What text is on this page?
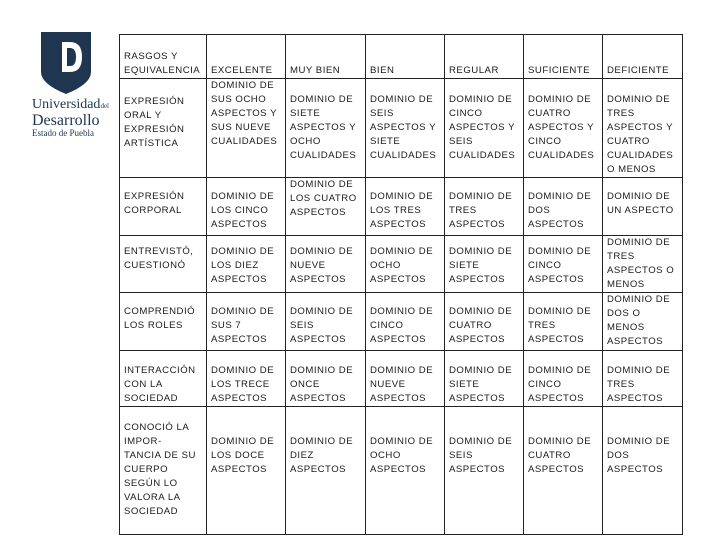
Universidaddel
Desarrollo
Estado de Puebla
RASGOS Y EQUIVALENCIA	EXCELENTE	MUY BIEN	BIEN	REGULAR	SUFICIENTE	DEFICIENTE
EXPRESIÓN ORAL Y EXPRESIÓN ARTÍSTICA	DOMINIO DE SUS OCHO ASPECTOS Y SUS NUEVE CUALIDADES	DOMINIO DE SIETE ASPECTOS Y OCHO CUALIDADES	DOMINIO DE SEIS ASPECTOS Y SIETE CUALIDADES	DOMINIO DE CINCO ASPECTOS Y SEIS CUALIDADES	DOMINIO DE CUATRO ASPECTOS Y CINCO CUALIDADES	DOMINIO DE TRES ASPECTOS Y CUATRO CUALIDADES O MENOS
EXPRESIÓN CORPORAL	DOMINIO DE LOS CINCO ASPECTOS	DOMINIO DE LOS CUATRO ASPECTOS	DOMINIO DE LOS TRES ASPECTOS	DOMINIO DE TRES ASPECTOS	DOMINIO DE DOS ASPECTOS	DOMINIO DE UN ASPECTO
ENTREVISTÓ, CUESTIONÓ	DOMINIO DE LOS DIEZ ASPECTOS	DOMINIO DE NUEVE ASPECTOS	DOMINIO DE OCHO ASPECTOS	DOMINIO DE SIETE ASPECTOS	DOMINIO DE CINCO ASPECTOS	DOMINIO DE TRES ASPECTOS O MENOS
COMPRENDIÓ LOS ROLES	DOMINIO DE SUS 7 ASPECTOS	DOMINIO DE SEIS ASPECTOS	DOMINIO DE CINCO ASPECTOS	DOMINIO DE CUATRO ASPECTOS	DOMINIO DE TRES ASPECTOS	DOMINIO DE DOS O MENOS ASPECTOS
INTERACCIÓN CON LA SOCIEDAD	DOMINIO DE LOS TRECE ASPECTOS	DOMINIO DE ONCE ASPECTOS	DOMINIO DE NUEVE ASPECTOS	DOMINIO DE SIETE ASPECTOS	DOMINIO DE CINCO ASPECTOS	DOMINIO DE TRES ASPECTOS
CONOCIÓ LA IMPOR- TANCIA DE SU CUERPO SEGÚN LO VALORA LA SOCIEDAD	DOMINIO DE LOS DOCE ASPECTOS	DOMINIO DE DIEZ ASPECTOS	DOMINIO DE OCHO ASPECTOS	DOMINIO DE SEIS ASPECTOS	DOMINIO DE CUATRO ASPECTOS	DOMINIO DE DOS ASPECTOS
